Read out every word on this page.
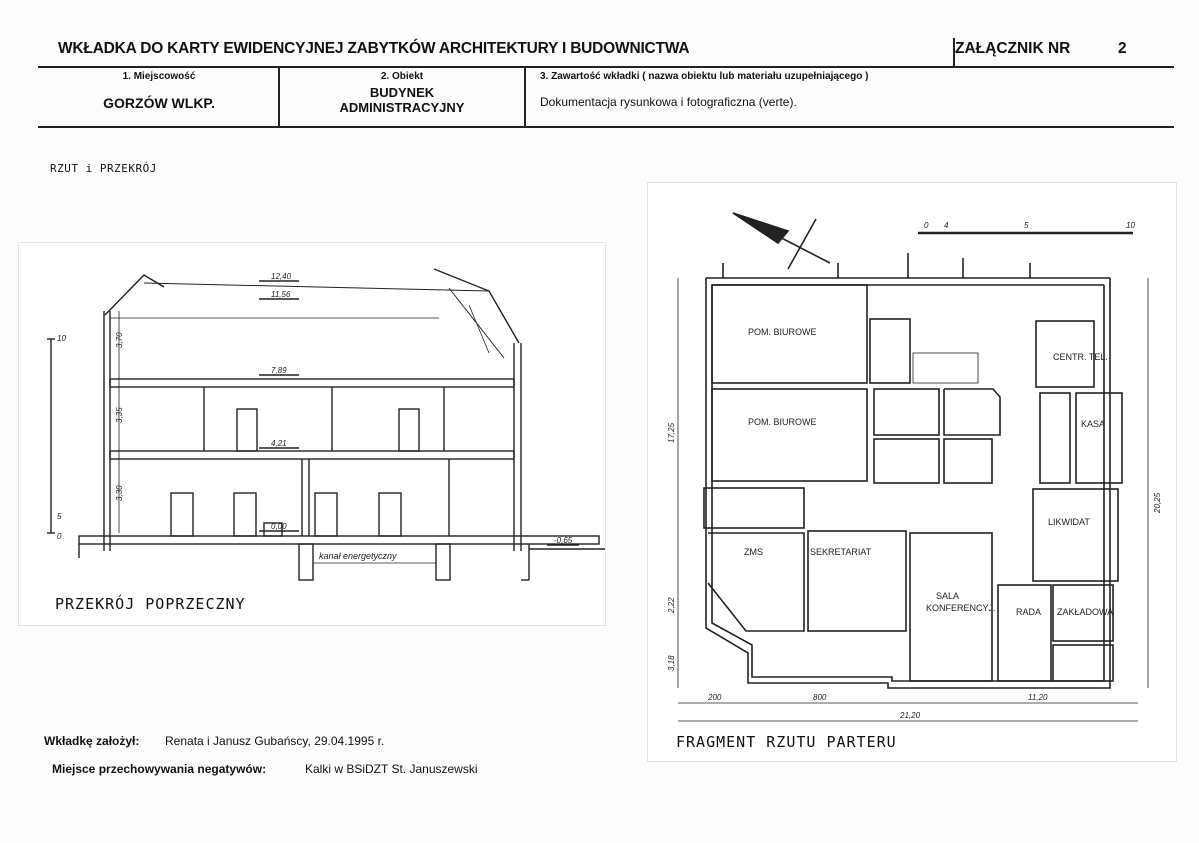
WKŁADKA DO KARTY EWIDENCYJNEJ ZABYTKÓW ARCHITEKTURY I BUDOWNICTWA	ZAŁĄCZNIK NR	2
1. Miejscowość
GORZÓW WLKP.
2. Obiekt
BUDYNEK
ADMINISTRACYJNY
3. Zawartość wkładki ( nazwa obiektu lub materiału uzupełniającego )
Dokumentacja rysunkowa i fotograficzna (verte).
RZUT i PRZEKRÓJ
12,40
11,56
7,89
4,21
0,00
-0,65
3,70
3,35
3,30
kanał energetyczny
10
5
0
PRZEKRÓJ POPRZECZNY
POM. BIUROWE
POM. BIUROWE
CENTR. TEL.
KASA
LIKWIDAT
ZMS	SEKRETARIAT
SALA
KONFERENCYJ. RADA ZAKŁADOWA
200	800	11,20
21,20
17,25
20,25
2,22
3,18
0 4	5	10
FRAGMENT RZUTU PARTERU
Wkładkę założył: Renata i Janusz Gubańscy, 29.04.1995 r.
Miejsce przechowywania negatywów:	Kalki w BSiDZT St. Januszewski
